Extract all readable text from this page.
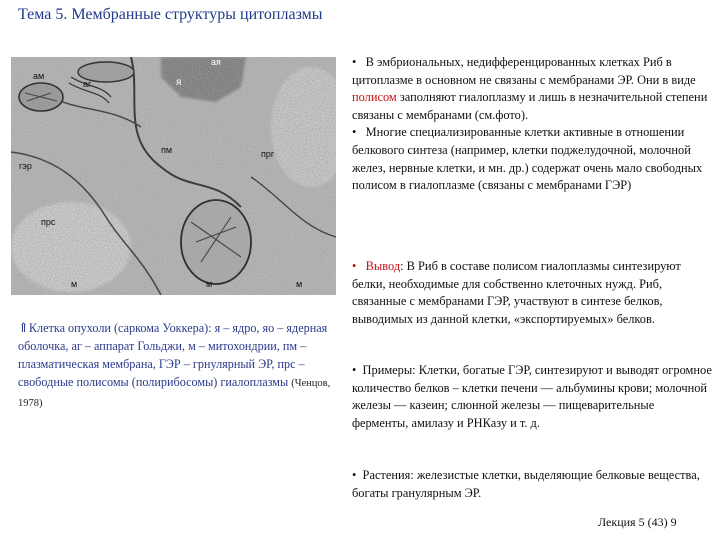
Тема 5. Мембранные структуры цитоплазмы
ам
аг	я
пм
гэр
прс
м	м	м
ая
прг
⇑Клетка опухоли (саркома Уоккера): я – ядро, яо – ядерная оболочка, аг – аппарат Гольджи, м – митохондрии, пм – плазматическая мембрана, ГЭР – грнулярный ЭР, прс – свободные полисомы (полирибосомы) гиалоплазмы (Ченцов, 1978)

• В эмбриональных, недифференцированных клетках Риб в цитоплазме в основном не связаны с мембранами ЭР. Они в виде полисом заполняют гиалоплазму и лишь в незначительной степени связаны с мембранами (см.фото).

• Многие специализированные клетки активные в отношении белкового синтеза (например, клетки поджелудочной, молочной желез, нервные клетки, и мн. др.) содержат очень мало свободных полисом в гиалоплазме (связаны с мембранами ГЭР)

• Вывод: В Риб в составе полисом гиалоплазмы синтезируют белки, необходимые для собственно клеточных нужд. Риб, связанные с мембранами ГЭР, участвуют в синтезе белков, выводимых из данной клетки, «экспортируемых» белков.

• Примеры: Клетки, богатые ГЭР, синтезируют и выводят огромное количество белков – клетки печени — альбумины крови; молочной железы — казеин; слюнной железы — пищеварительные ферменты, амилазу и РНКазу и т. д.

• Растения: железистые клетки, выделяющие белковые вещества, богаты гранулярным ЭР.

Лекция 5 (43) 9
